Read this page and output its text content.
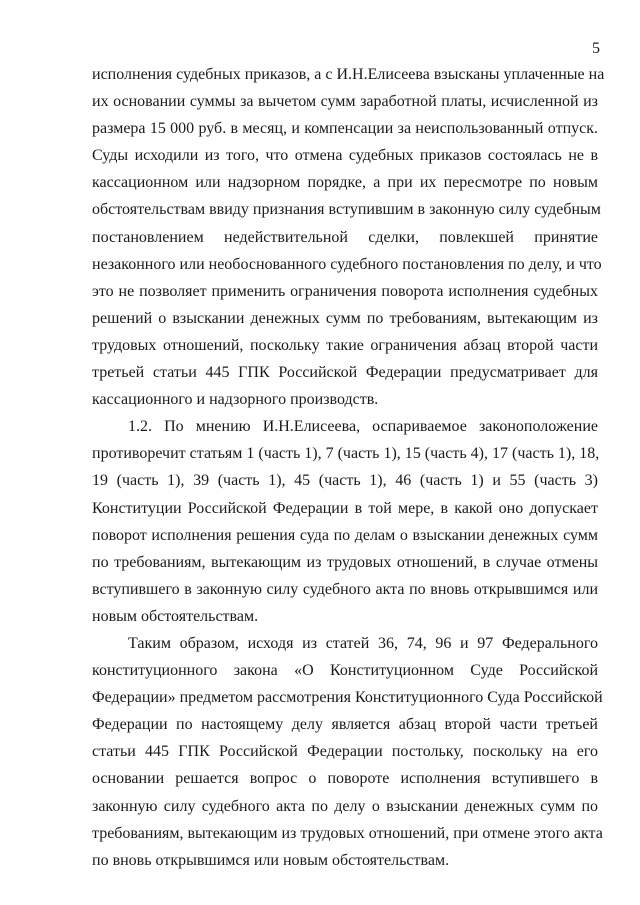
5
исполнения судебных приказов, а с И.Н.Елисеева взысканы уплаченные на
их основании суммы за вычетом сумм заработной платы, исчисленной из
размера 15 000 руб. в месяц, и компенсации за неиспользованный отпуск.
Суды исходили из того, что отмена судебных приказов состоялась не в
кассационном или надзорном порядке, а при их пересмотре по новым
обстоятельствам ввиду признания вступившим в законную силу судебным
постановлением недействительной сделки, повлекшей принятие
незаконного или необоснованного судебного постановления по делу, и что
это не позволяет применить ограничения поворота исполнения судебных
решений о взыскании денежных сумм по требованиям, вытекающим из
трудовых отношений, поскольку такие ограничения абзац второй части
третьей статьи 445 ГПК Российской Федерации предусматривает для
кассационного и надзорного производств.
1.2. По мнению И.Н.Елисеева, оспариваемое законоположение
противоречит статьям 1 (часть 1), 7 (часть 1), 15 (часть 4), 17 (часть 1), 18,
19 (часть 1), 39 (часть 1), 45 (часть 1), 46 (часть 1) и 55 (часть 3)
Конституции Российской Федерации в той мере, в какой оно допускает
поворот исполнения решения суда по делам о взыскании денежных сумм
по требованиям, вытекающим из трудовых отношений, в случае отмены
вступившего в законную силу судебного акта по вновь открывшимся или
новым обстоятельствам.
Таким образом, исходя из статей 36, 74, 96 и 97 Федерального
конституционного закона «О Конституционном Суде Российской
Федерации» предметом рассмотрения Конституционного Суда Российской
Федерации по настоящему делу является абзац второй части третьей
статьи 445 ГПК Российской Федерации постольку, поскольку на его
основании решается вопрос о повороте исполнения вступившего в
законную силу судебного акта по делу о взыскании денежных сумм по
требованиям, вытекающим из трудовых отношений, при отмене этого акта
по вновь открывшимся или новым обстоятельствам.
